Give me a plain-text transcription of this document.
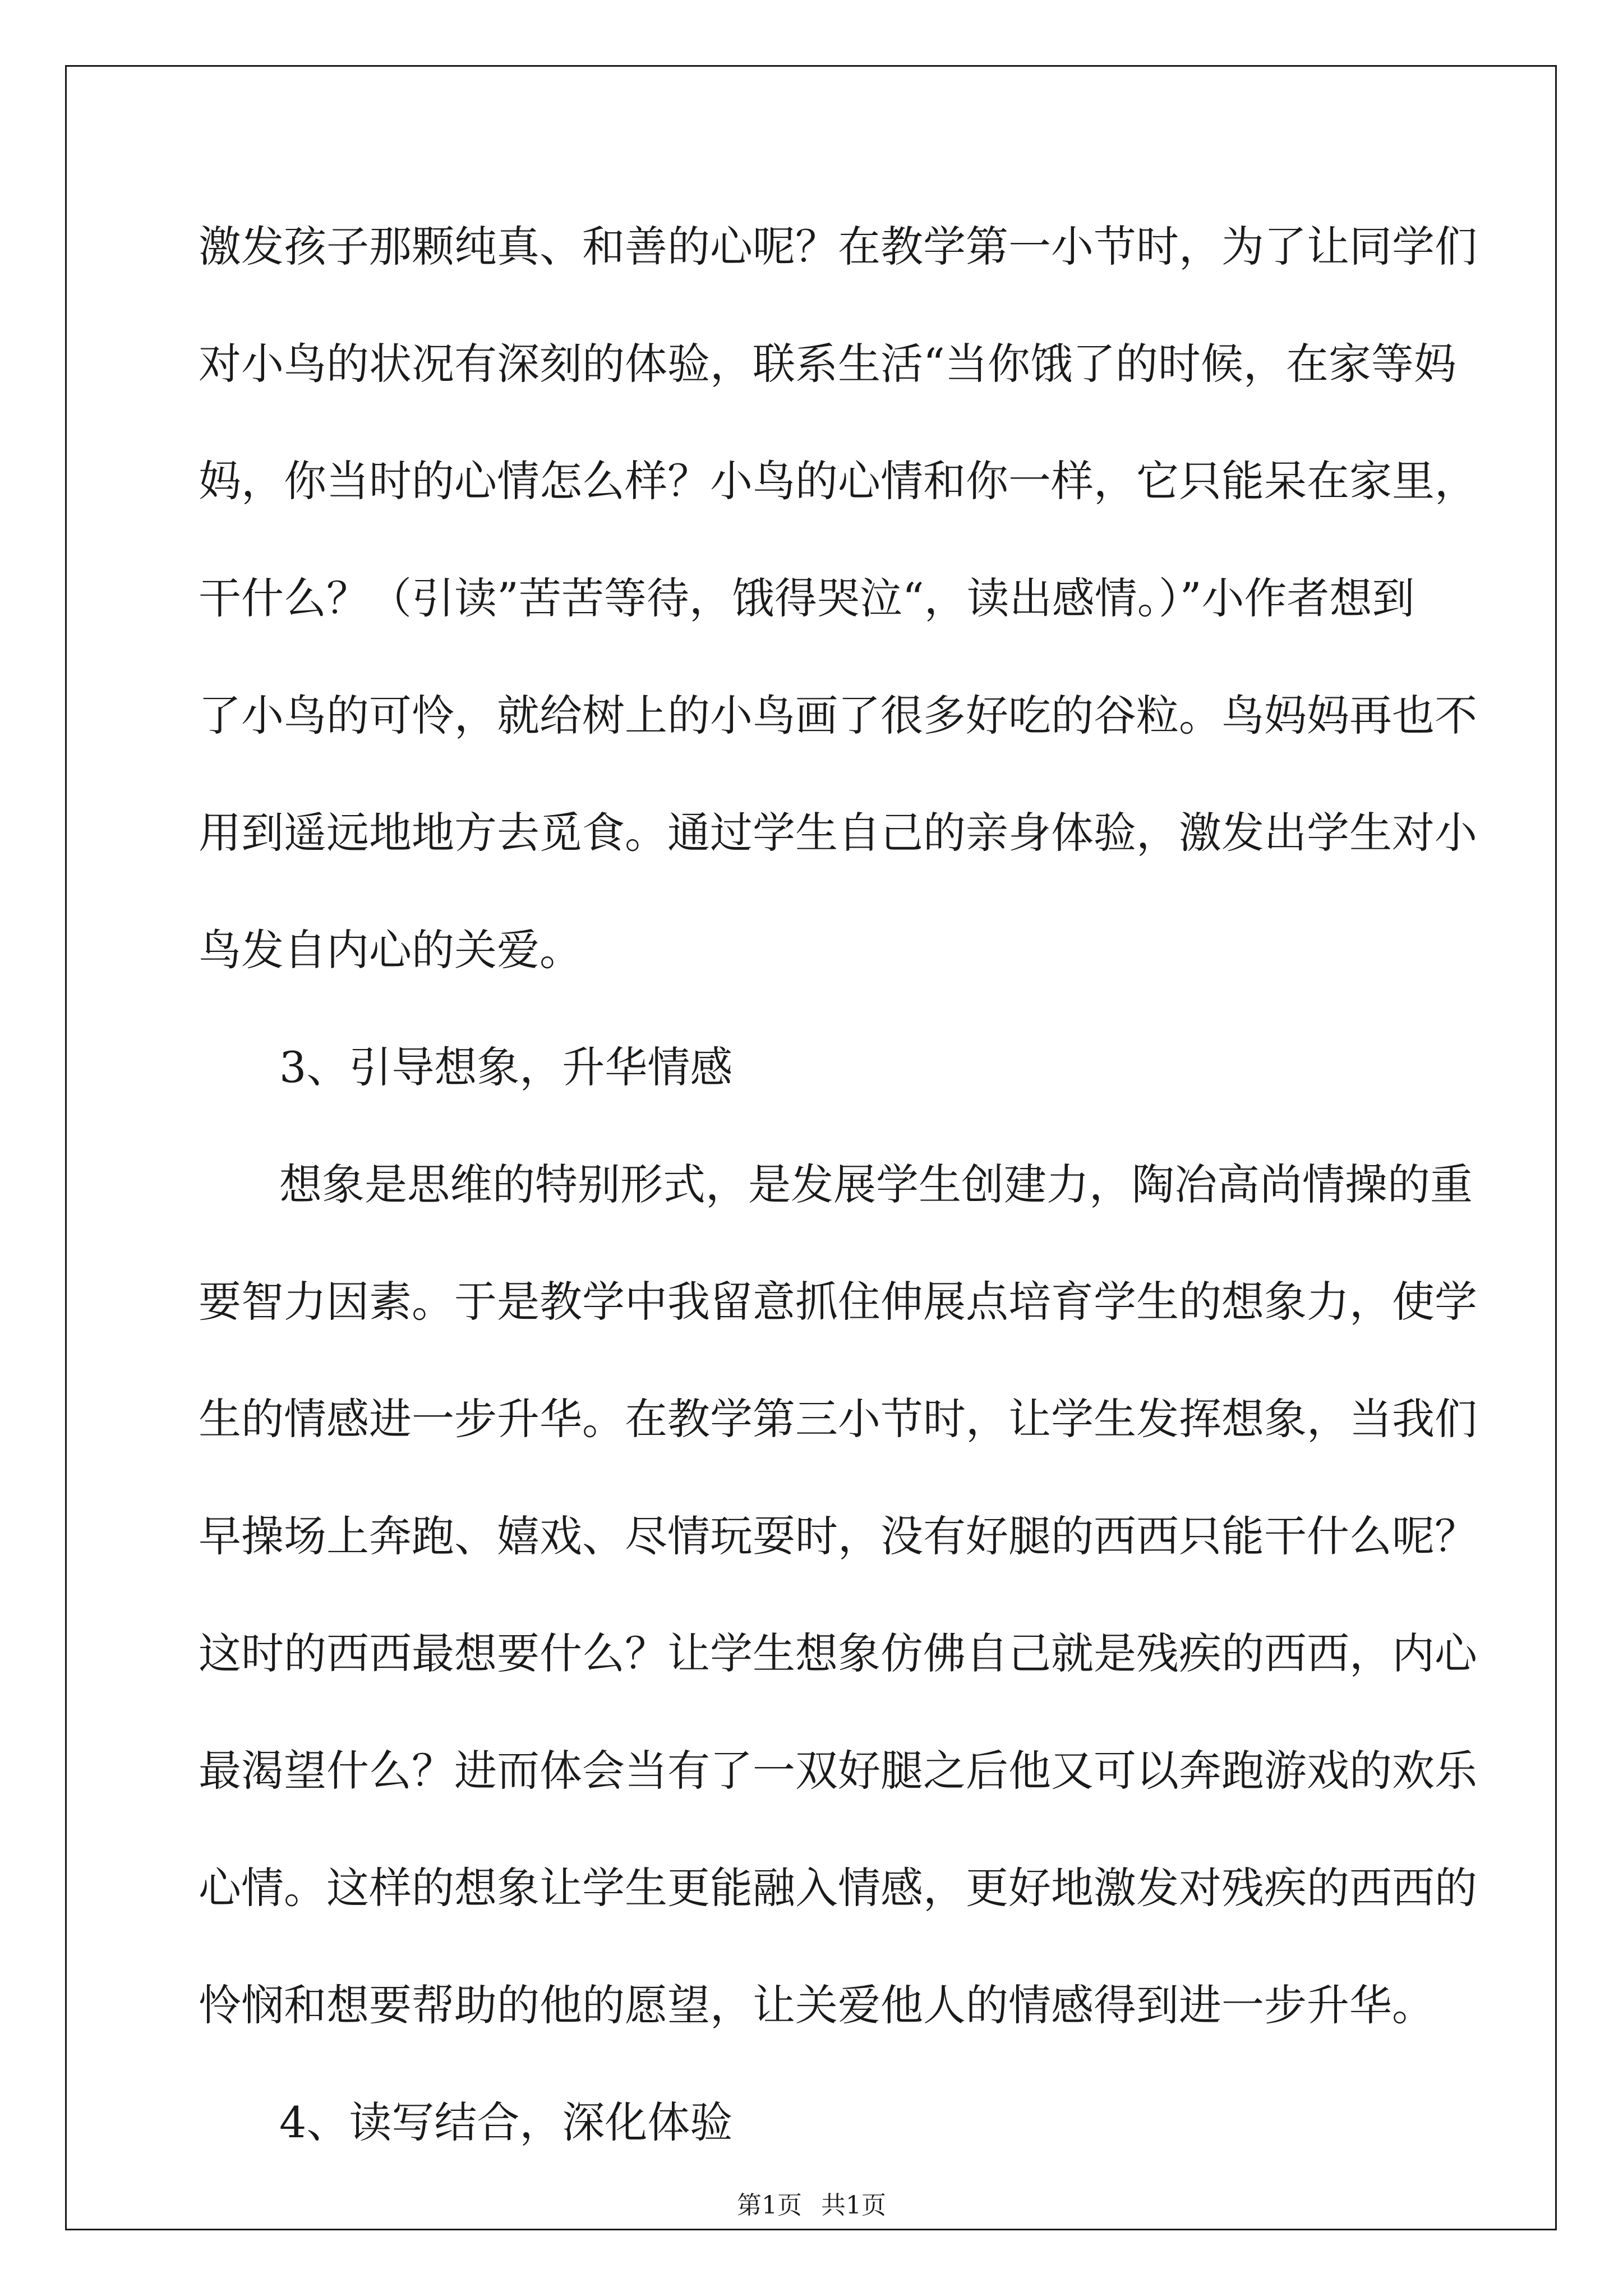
激发孩子那颗纯真、和善的心呢？在教学第一小节时，为了让同学们
对小鸟的状况有深刻的体验，联系生活“当你饿了的时候，在家等妈
妈，你当时的心情怎么样？小鸟的心情和你一样，它只能呆在家里，
干什么？（引读”苦苦等待，饿得哭泣“，读出感情。）”小作者想到
了小鸟的可怜，就给树上的小鸟画了很多好吃的谷粒。鸟妈妈再也不
用到遥远地地方去觅食。通过学生自己的亲身体验，激发出学生对小
鸟发自内心的关爱。
3、引导想象，升华情感
想象是思维的特别形式，是发展学生创建力，陶冶高尚情操的重
要智力因素。于是教学中我留意抓住伸展点培育学生的想象力，使学
生的情感进一步升华。在教学第三小节时，让学生发挥想象，当我们
早操场上奔跑、嬉戏、尽情玩耍时，没有好腿的西西只能干什么呢？
这时的西西最想要什么？让学生想象仿佛自己就是残疾的西西，内心
最渴望什么？进而体会当有了一双好腿之后他又可以奔跑游戏的欢乐
心情。这样的想象让学生更能融入情感，更好地激发对残疾的西西的
怜悯和想要帮助的他的愿望，让关爱他人的情感得到进一步升华。
4、读写结合，深化体验
第1页 共1页
